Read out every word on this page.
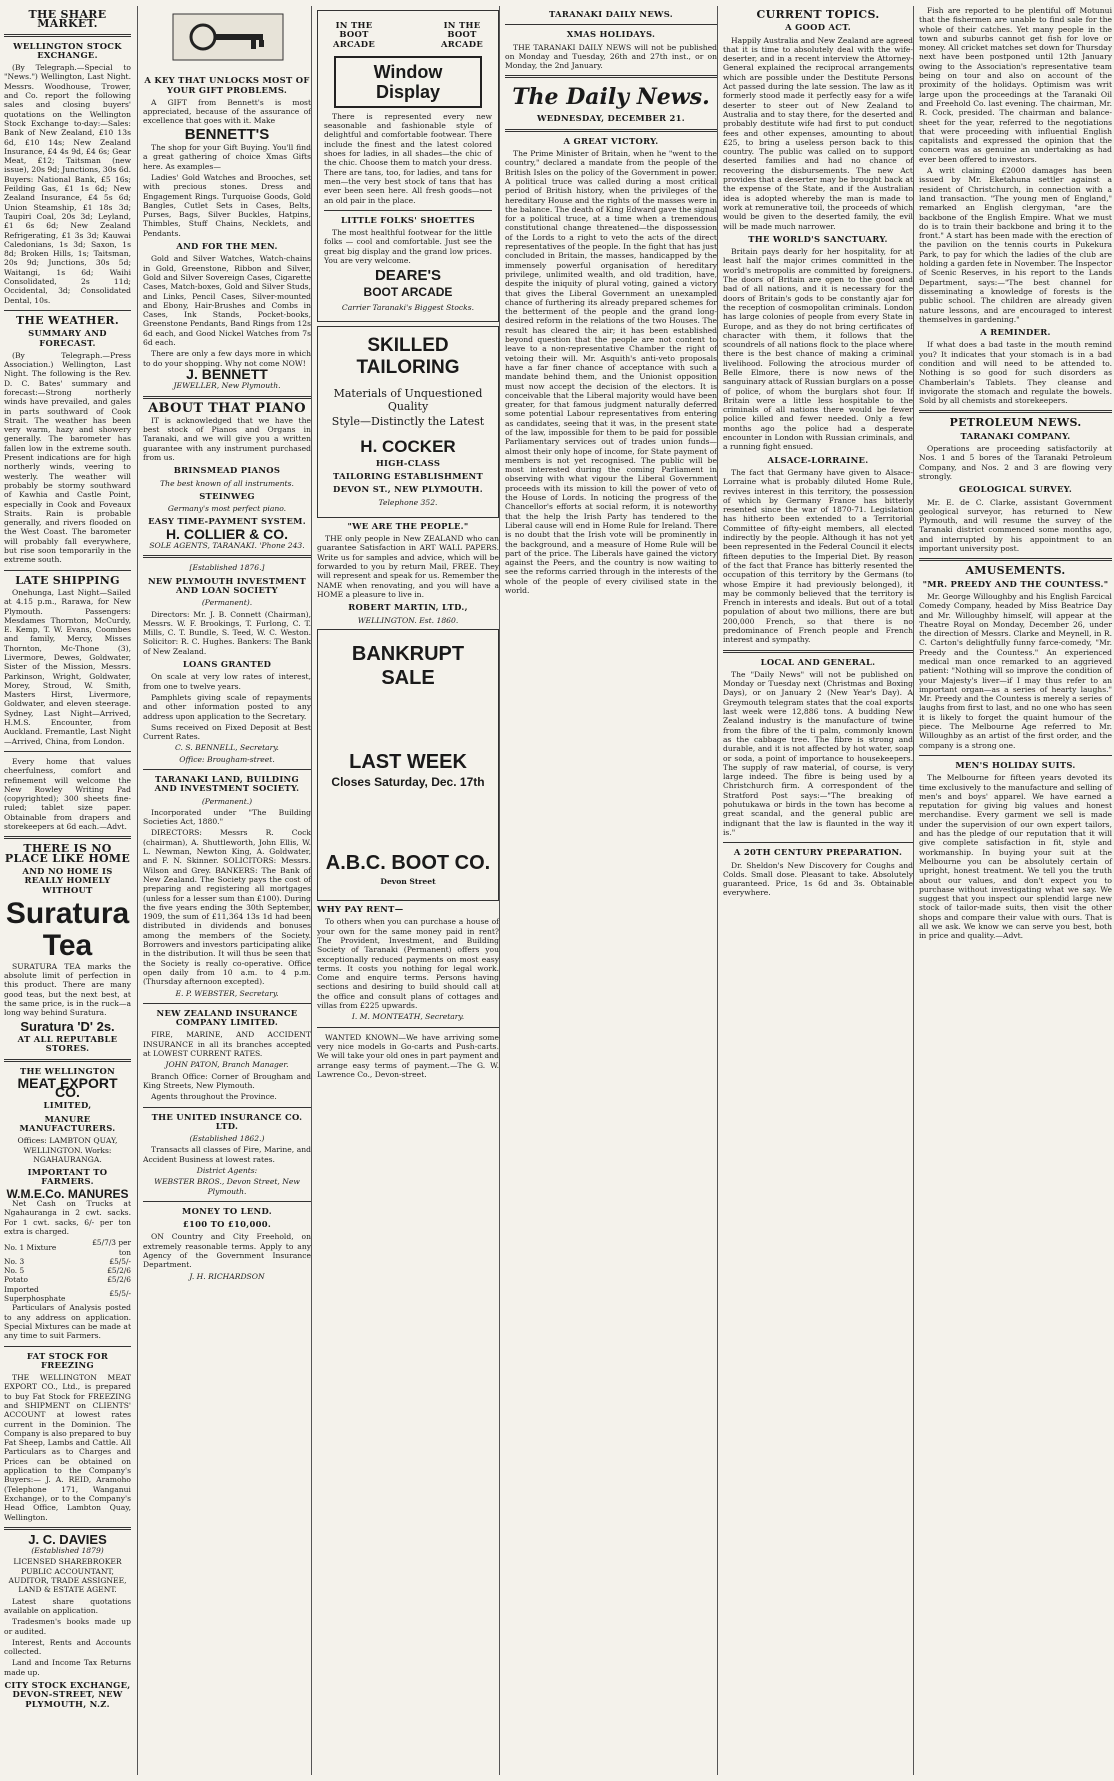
THE SHARE MARKET.
WELLINGTON STOCK EXCHANGE.

(By Telegraph.—Special to "News.") Wellington, Last Night. Messrs. Woodhouse, Trower, and Co. report the following sales and closing buyers' quotations on the Wellington Stock Exchange to-day:—Sales: Bank of New Zealand, £10 13s 6d, £10 14s; New Zealand Insurance, £4 4s 9d, £4 6s; Gear Meat, £12; Taitsman (new issue), 20s 9d; Junctions, 30s 6d. Buyers: National Bank, £5 16s; Feilding Gas, £1 1s 6d; New Zealand Insurance, £4 5s 6d; Union Steamship, £1 18s 3d; Taupiri Coal, 20s 3d; Leyland, £1 6s 6d; New Zealand Refrigerating, £1 3s 3d; Kauwai Caledonians, 1s 3d; Saxon, 1s 8d; Broken Hills, 1s; Taitsman, 20s 9d; Junctions, 30s 5d; Waitangi, 1s 6d; Waihi Consolidated, 2s 11d; Occidental, 3d; Consolidated Dental, 10s.

THE WEATHER.
SUMMARY AND FORECAST.

(By Telegraph.—Press Association.) Wellington, Last Night. The following is the Rev. D. C. Bates' summary and forecast:—Strong northerly winds have prevailed, and gales in parts southward of Cook Strait. The weather has been very warm, hazy and showery generally. The barometer has fallen low in the extreme south. Present indications are for high northerly winds, veering to westerly. The weather will probably be stormy southward of Kawhia and Castle Point, especially in Cook and Foveaux Straits. Rain is probable generally, and rivers flooded on the West Coast. The barometer will probably fall everywhere, but rise soon temporarily in the extreme south.

LATE SHIPPING

Onehunga, Last Night—Sailed at 4.15 p.m., Rarawa, for New Plymouth. Passengers: Mesdames Thornton, McCurdy, E. Kemp, T. W. Evans, Coombes and family, Mercy, Misses Thornton, Mc-Thone (3), Livermore, Dewes, Goldwater, Sister of the Mission, Messrs. Parkinson, Wright, Goldwater, Morey, Stroud, W. Smith, Masters Hirst, Livermore, Goldwater, and eleven steerage. Sydney, Last Night—Arrived, H.M.S. Encounter, from Auckland. Fremantle, Last Night—Arrived, China, from London.

Every home that values cheerfulness, comfort and refinement will welcome the New Rowley Writing Pad (copyrighted); 300 sheets fine-ruled; tablet size paper. Obtainable from drapers and storekeepers at 6d each.—Advt.

THERE IS NO PLACE LIKE HOME
AND NO HOME IS REALLY HOMELY WITHOUT
Suratura
Tea

SURATURA TEA marks the absolute limit of perfection in this product. There are many good teas, but the next best, at the same price, is in the ruck—a long way behind Suratura.

Suratura 'D' 2s.
AT ALL REPUTABLE STORES.
THE WELLINGTON
MEAT EXPORT CO.
LIMITED,
MANURE MANUFACTURERS.

Offices: LAMBTON QUAY, WELLINGTON. Works: NGAHAURANGA.

IMPORTANT TO FARMERS.
W.M.E.Co. MANURES

Net Cash on Trucks at Ngahauranga in 2 cwt. sacks. For 1 cwt. sacks, 6/- per ton extra is charged.

No. 1 Mixture	£5/7/3 per ton
No. 3	£5/5/-
No. 5	£5/2/6
Potato	£5/2/6
Imported Superphosphate	£5/5/-

Particulars of Analysis posted to any address on application. Special Mixtures can be made at any time to suit Farmers.

FAT STOCK FOR FREEZING

THE WELLINGTON MEAT EXPORT CO., Ltd., is prepared to buy Fat Stock for FREEZING and SHIPMENT on CLIENTS' ACCOUNT at lowest rates current in the Dominion. The Company is also prepared to buy Fat Sheep, Lambs and Cattle. All Particulars as to Charges and Prices can be obtained on application to the Company's Buyers:— J. A. REID, Aramoho (Telephone 171, Wanganui Exchange), or to the Company's Head Office, Lambton Quay, Wellington.

J. C. DAVIES
(Established 1879)

LICENSED SHAREBROKER PUBLIC ACCOUNTANT, AUDITOR, TRADE ASSIGNEE, LAND & ESTATE AGENT.

Latest share quotations available on application.

Tradesmen's books made up or audited.

Interest, Rents and Accounts collected.

Land and Income Tax Returns made up.

CITY STOCK EXCHANGE, DEVON-STREET, NEW PLYMOUTH, N.Z.
A KEY THAT UNLOCKS MOST OF YOUR GIFT PROBLEMS.

A GIFT from Bennett's is most appreciated, because of the assurance of excellence that goes with it. Make

BENNETT'S

The shop for your Gift Buying. You'll find a great gathering of choice Xmas Gifts here. As examples—

Ladies' Gold Watches and Brooches, set with precious stones. Dress and Engagement Rings. Turquoise Goods, Gold Bangles, Cutlet Sets in Cases, Belts, Purses, Bags, Silver Buckles, Hatpins, Thimbles, Stuff Chains, Necklets, and Pendants.

AND FOR THE MEN.

Gold and Silver Watches, Watch-chains in Gold, Greenstone, Ribbon and Silver, Gold and Silver Sovereign Cases, Cigarette Cases, Match-boxes, Gold and Silver Studs, and Links, Pencil Cases, Silver-mounted and Ebony, Hair-Brushes and Combs in Cases, Ink Stands, Pocket-books, Greenstone Pendants, Band Rings from 12s 6d each, and Good Nickel Watches from 7s 6d each.

There are only a few days more in which to do your shopping. Why not come NOW!

J. BENNETT
JEWELLER, New Plymouth.
ABOUT THAT PIANO

IT is acknowledged that we have the best stock of Pianos and Organs in Taranaki, and we will give you a written guarantee with any instrument purchased from us.

BRINSMEAD PIANOS
The best known of all instruments.
STEINWEG
Germany's most perfect piano.
EASY TIME-PAYMENT SYSTEM.
H. COLLIER & CO.
SOLE AGENTS, TARANAKI. 'Phone 243.
[Established 1876.]
NEW PLYMOUTH INVESTMENT AND LOAN SOCIETY
(Permanent).

Directors: Mr. J. B. Connett (Chairman), Messrs. W. F. Brookings, T. Furlong, C. T. Mills, C. T. Bundle, S. Teed, W. C. Weston. Solicitor: R. C. Hughes. Bankers: The Bank of New Zealand.

LOANS GRANTED

On scale at very low rates of interest, from one to twelve years.

Pamphlets giving scale of repayments and other information posted to any address upon application to the Secretary.

Sums received on Fixed Deposit at Best Current Rates.

C. S. BENNELL, Secretary.
Office: Brougham-street.
TARANAKI LAND, BUILDING AND INVESTMENT SOCIETY.
(Permanent.)

Incorporated under "The Building Societies Act, 1880."

DIRECTORS: Messrs R. Cock (chairman), A. Shuttleworth, John Ellis, W. L. Newman, Newton King, A. Goldwater, and F. N. Skinner. SOLICITORS: Messrs. Wilson and Grey. BANKERS: The Bank of New Zealand. The Society pays the cost of preparing and registering all mortgages (unless for a lesser sum than £100). During the five years ending the 30th September, 1909, the sum of £11,364 13s 1d had been distributed in dividends and bonuses among the members of the Society. Borrowers and investors participating alike in the distribution. It will thus be seen that the Society is really co-operative. Office open daily from 10 a.m. to 4 p.m. (Thursday afternoon excepted).

E. P. WEBSTER, Secretary.
NEW ZEALAND INSURANCE COMPANY LIMITED.

FIRE, MARINE, AND ACCIDENT INSURANCE in all its branches accepted at LOWEST CURRENT RATES.

JOHN PATON, Branch Manager.

Branch Office: Corner of Brougham and King Streets, New Plymouth.

Agents throughout the Province.

THE UNITED INSURANCE CO. LTD.
(Established 1862.)

Transacts all classes of Fire, Marine, and Accident Business at lowest rates.

District Agents:
WEBSTER BROS., Devon Street, New Plymouth.
MONEY TO LEND.
£100 TO £10,000.

ON Country and City Freehold, on extremely reasonable terms. Apply to any Agency of the Government Insurance Department.

J. H. RICHARDSON
IN THE BOOT ARCADE
IN THE BOOT ARCADE
Window Display

There is represented every new seasonable and fashionable style of delightful and comfortable footwear. There include the finest and the latest colored shoes for ladies, in all shades—the chic of the chic. Choose them to match your dress. There are tans, too, for ladies, and tans for men—the very best stock of tans that has ever been seen here. All fresh goods—not an old pair in the place.

LITTLE FOLKS' SHOETTES

The most healthful footwear for the little folks — cool and comfortable. Just see the great big display and the grand low prices. You are very welcome.

DEARE'S
BOOT ARCADE
Carrier Taranaki's Biggest Stocks.
SKILLED TAILORING
Materials of Unquestioned Quality
Style—Distinctly the Latest
H. COCKER
HIGH-CLASS
TAILORING ESTABLISHMENT
DEVON ST., NEW PLYMOUTH.
Telephone 352.
"WE ARE THE PEOPLE."

THE only people in New ZEALAND who can guarantee Satisfaction in ART WALL PAPERS. Write us for samples and advice, which will be forwarded to you by return Mail, FREE. They will represent and speak for us. Remember the NAME when renovating, and you will have a HOME a pleasure to live in.

ROBERT MARTIN, LTD.,
WELLINGTON. Est. 1860.
BANKRUPT SALE
LAST WEEK
Closes Saturday, Dec. 17th
A.B.C. BOOT CO.
Devon Street
WHY PAY RENT—

To others when you can purchase a house of your own for the same money paid in rent? The Provident, Investment, and Building Society of Taranaki (Permanent) offers you exceptionally reduced payments on most easy terms. It costs you nothing for legal work. Come and enquire terms. Persons having sections and desiring to build should call at the office and consult plans of cottages and villas from £225 upwards.

I. M. MONTEATH, Secretary.

WANTED KNOWN—We have arriving some very nice models in Go-carts and Push-carts. We will take your old ones in part payment and arrange easy terms of payment.—The G. W. Lawrence Co., Devon-street.

TARANAKI DAILY NEWS.
XMAS HOLIDAYS.

THE TARANAKI DAILY NEWS will not be published on Monday and Tuesday, 26th and 27th inst., or on Monday, the 2nd January.

The Daily News.
WEDNESDAY, DECEMBER 21.
A GREAT VICTORY.

The Prime Minister of Britain, when he "went to the country," declared a mandate from the people of the British Isles on the policy of the Government in power. A political truce was called during a most critical period of British history, when the privileges of the hereditary House and the rights of the masses were in the balance. The death of King Edward gave the signal for a political truce, at a time when a tremendous constitutional change threatened—the dispossession of the Lords to a right to veto the acts of the direct representatives of the people. In the fight that has just concluded in Britain, the masses, handicapped by the immensely powerful organisation of hereditary privilege, unlimited wealth, and old tradition, have, despite the iniquity of plural voting, gained a victory that gives the Liberal Government an unexampled chance of furthering its already prepared schemes for the betterment of the people and the grand long-desired reform in the relations of the two Houses. The result has cleared the air; it has been established beyond question that the people are not content to leave to a non-representative Chamber the right of vetoing their will. Mr. Asquith's anti-veto proposals have a far finer chance of acceptance with such a mandate behind them, and the Unionist opposition must now accept the decision of the electors. It is conceivable that the Liberal majority would have been greater, for that famous judgment naturally deferred some potential Labour representatives from entering as candidates, seeing that it was, in the present state of the law, impossible for them to be paid for possible Parliamentary services out of trades union funds—almost their only hope of income, for State payment of members is not yet recognised. The public will be most interested during the coming Parliament in observing with what vigour the Liberal Government proceeds with its mission to kill the power of veto of the House of Lords. In noticing the progress of the Chancellor's efforts at social reform, it is noteworthy that the help the Irish Party has tendered to the Liberal cause will end in Home Rule for Ireland. There is no doubt that the Irish vote will be prominently in the background, and a measure of Home Rule will be part of the price. The Liberals have gained the victory against the Peers, and the country is now waiting to see the reforms carried through in the interests of the whole of the people of every civilised state in the world.

CURRENT TOPICS.
A GOOD ACT.

Happily Australia and New Zealand are agreed that it is time to absolutely deal with the wife-deserter, and in a recent interview the Attorney-General explained the reciprocal arrangements which are possible under the Destitute Persons Act passed during the late session. The law as it formerly stood made it perfectly easy for a wife deserter to steer out of New Zealand to Australia and to stay there, for the deserted and probably destitute wife had first to put conduct fees and other expenses, amounting to about £25, to bring a useless person back to this country. The public was called on to support deserted families and had no chance of recovering the disbursements. The new Act provides that a deserter may be brought back at the expense of the State, and if the Australian idea is adopted whereby the man is made to work at remunerative toil, the proceeds of which would be given to the deserted family, the evil will be made much narrower.

THE WORLD'S SANCTUARY.

Britain pays dearly for her hospitality, for at least half the major crimes committed in the world's metropolis are committed by foreigners. The doors of Britain are open to the good and bad of all nations, and it is necessary for the doors of Britain's gods to be constantly ajar for the reception of cosmopolitan criminals. London has large colonies of people from every State in Europe, and as they do not bring certificates of character with them, it follows that the scoundrels of all nations flock to the place where there is the best chance of making a criminal livelihood. Following the atrocious murder of Belle Elmore, there is now news of the sanguinary attack of Russian burglars on a posse of police, of whom the burglars shot four. If Britain were a little less hospitable to the criminals of all nations there would be fewer police killed and fewer needed. Only a few months ago the police had a desperate encounter in London with Russian criminals, and a running fight ensued.

ALSACE-LORRAINE.

The fact that Germany have given to Alsace-Lorraine what is probably diluted Home Rule, revives interest in this territory, the possession of which by Germany France has bitterly resented since the war of 1870-71. Legislation has hitherto been extended to a Territorial Committee of fifty-eight members, all elected indirectly by the people. Although it has not yet been represented in the Federal Council it elects fifteen deputies to the Imperial Diet. By reason of the fact that France has bitterly resented the occupation of this territory by the Germans (to whose Empire it had previously belonged), it may be commonly believed that the territory is French in interests and ideals. But out of a total population of about two millions, there are but 200,000 French, so that there is no predominance of French people and French interest and sympathy.

LOCAL AND GENERAL.

The "Daily News" will not be published on Monday or Tuesday next (Christmas and Boxing Days), or on January 2 (New Year's Day). A Greymouth telegram states that the coal exports last week were 12,886 tons. A budding New Zealand industry is the manufacture of twine from the fibre of the ti palm, commonly known as the cabbage tree. The fibre is strong and durable, and it is not affected by hot water, soap or soda, a point of importance to housekeepers. The supply of raw material, of course, is very large indeed. The fibre is being used by a Christchurch firm. A correspondent of the Stratford Post says:—"The breaking of pohutukawa or birds in the town has become a great scandal, and the general public are indignant that the law is flaunted in the way it is."

A 20TH CENTURY PREPARATION.

Dr. Sheldon's New Discovery for Coughs and Colds. Small dose. Pleasant to take. Absolutely guaranteed. Price, 1s 6d and 3s. Obtainable everywhere.

Fish are reported to be plentiful off Motunui that the fishermen are unable to find sale for the whole of their catches. Yet many people in the town and suburbs cannot get fish for love or money. All cricket matches set down for Thursday next have been postponed until 12th January owing to the Association's representative team being on tour and also on account of the proximity of the holidays. Optimism was writ large upon the proceedings at the Taranaki Oil and Freehold Co. last evening. The chairman, Mr. R. Cock, presided. The chairman and balance-sheet for the year, referred to the negotiations that were proceeding with influential English capitalists and expressed the opinion that the concern was as genuine an undertaking as had ever been offered to investors.

A writ claiming £2000 damages has been issued by Mr. Eketahuna settler against a resident of Christchurch, in connection with a land transaction. "The young men of England," remarked an English clergyman, "are the backbone of the English Empire. What we must do is to train their backbone and bring it to the front." A start has been made with the erection of the pavilion on the tennis courts in Pukekura Park, to pay for which the ladies of the club are holding a garden fete in November. The Inspector of Scenic Reserves, in his report to the Lands Department, says:—"The best channel for disseminating a knowledge of forests is the public school. The children are already given nature lessons, and are encouraged to interest themselves in gardening."

A REMINDER.

If what does a bad taste in the mouth remind you? It indicates that your stomach is in a bad condition and will need to be attended to. Nothing is so good for such disorders as Chamberlain's Tablets. They cleanse and invigorate the stomach and regulate the bowels. Sold by all chemists and storekeepers.

PETROLEUM NEWS.
TARANAKI COMPANY.

Operations are proceeding satisfactorily at Nos. 1 and 5 bores of the Taranaki Petroleum Company, and Nos. 2 and 3 are flowing very strongly.

GEOLOGICAL SURVEY.

Mr. E. de C. Clarke, assistant Government geological surveyor, has returned to New Plymouth, and will resume the survey of the Taranaki district commenced some months ago, and interrupted by his appointment to an important university post.

AMUSEMENTS.
"MR. PREEDY AND THE COUNTESS."

Mr. George Willoughby and his English Farcical Comedy Company, headed by Miss Beatrice Day and Mr. Willoughby himself, will appear at the Theatre Royal on Monday, December 26, under the direction of Messrs. Clarke and Meynell, in R. C. Carton's delightfully funny farce-comedy, "Mr. Preedy and the Countess." An experienced medical man once remarked to an aggrieved patient: "Nothing will so improve the condition of your Majesty's liver—if I may thus refer to an important organ—as a series of hearty laughs." Mr. Preedy and the Countess is merely a series of laughs from first to last, and no one who has seen it is likely to forget the quaint humour of the piece. The Melbourne Age referred to Mr. Willoughby as an artist of the first order, and the company is a strong one.

MEN'S HOLIDAY SUITS.

The Melbourne for fifteen years devoted its time exclusively to the manufacture and selling of men's and boys' apparel. We have earned a reputation for giving big values and honest merchandise. Every garment we sell is made under the supervision of our own expert tailors, and has the pledge of our reputation that it will give complete satisfaction in fit, style and workmanship. In buying your suit at the Melbourne you can be absolutely certain of upright, honest treatment. We tell you the truth about our values, and don't expect you to purchase without investigating what we say. We suggest that you inspect our splendid large new stock of tailor-made suits, then visit the other shops and compare their value with ours. That is all we ask. We know we can serve you best, both in price and quality.—Advt.
